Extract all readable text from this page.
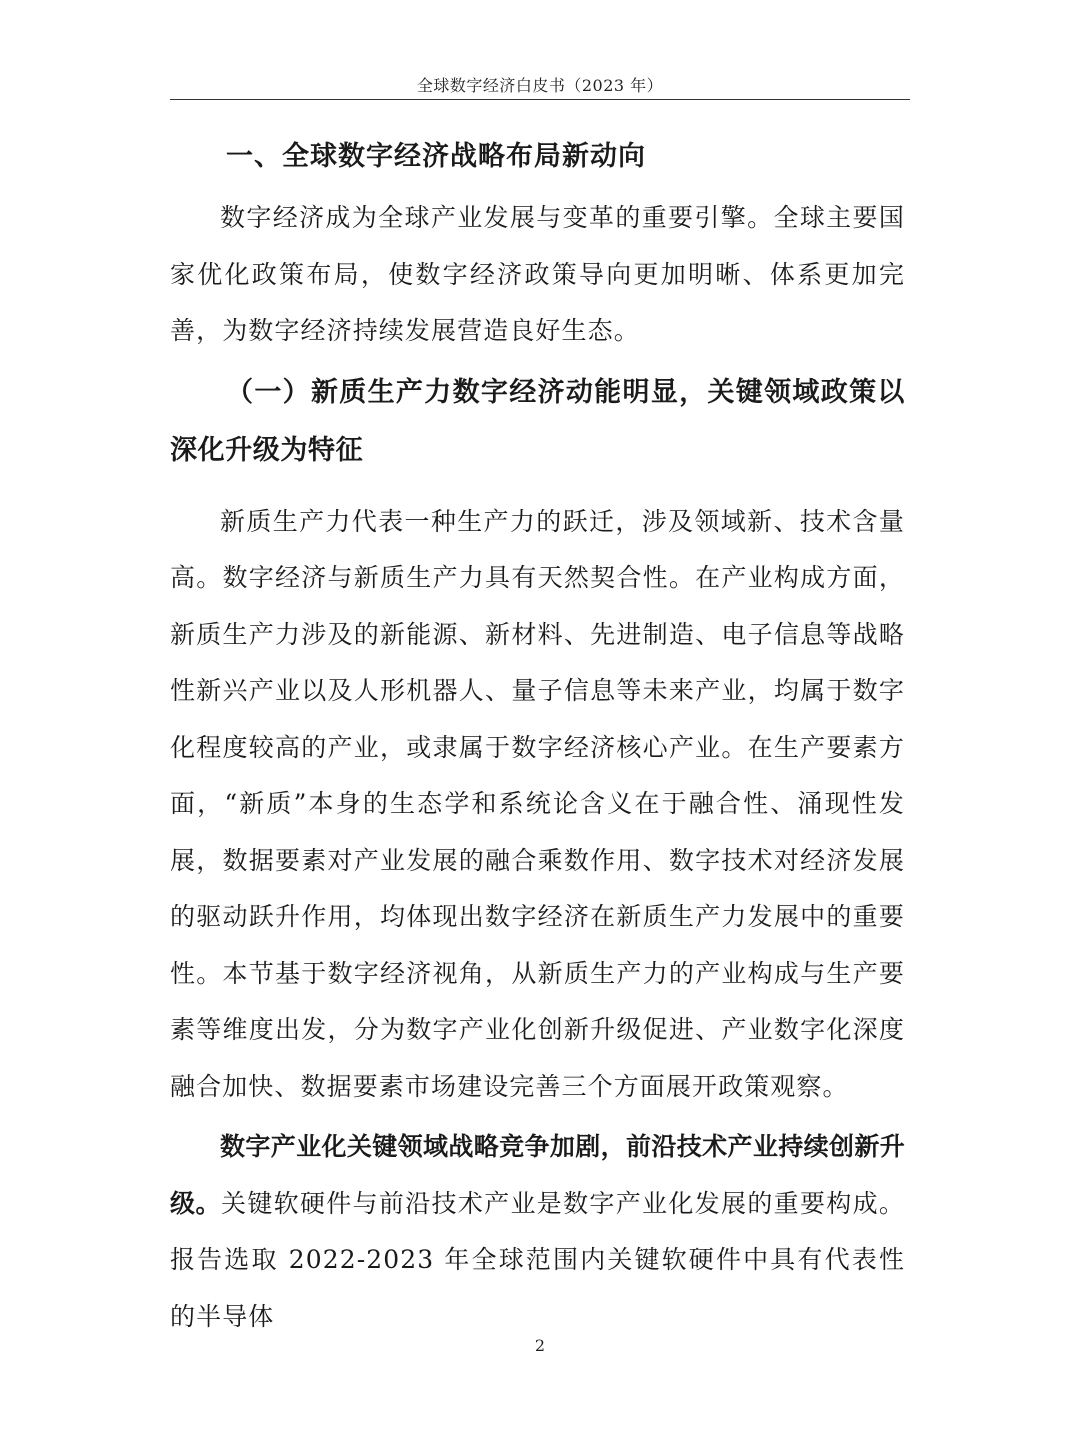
全球数字经济白皮书（2023 年）
一、全球数字经济战略布局新动向

数字经济成为全球产业发展与变革的重要引擎。全球主要国家优化政策布局，使数字经济政策导向更加明晰、体系更加完善，为数字经济持续发展营造良好生态。

（一）新质生产力数字经济动能明显，关键领域政策以深化升级为特征

新质生产力代表一种生产力的跃迁，涉及领域新、技术含量高。数字经济与新质生产力具有天然契合性。在产业构成方面，新质生产力涉及的新能源、新材料、先进制造、电子信息等战略性新兴产业以及人形机器人、量子信息等未来产业，均属于数字化程度较高的产业，或隶属于数字经济核心产业。在生产要素方面，“新质”本身的生态学和系统论含义在于融合性、涌现性发展，数据要素对产业发展的融合乘数作用、数字技术对经济发展的驱动跃升作用，均体现出数字经济在新质生产力发展中的重要性。本节基于数字经济视角，从新质生产力的产业构成与生产要素等维度出发，分为数字产业化创新升级促进、产业数字化深度融合加快、数据要素市场建设完善三个方面展开政策观察。

数字产业化关键领域战略竞争加剧，前沿技术产业持续创新升级。关键软硬件与前沿技术产业是数字产业化发展的重要构成。报告选取 2022-2023 年全球范围内关键软硬件中具有代表性的半导体

2
